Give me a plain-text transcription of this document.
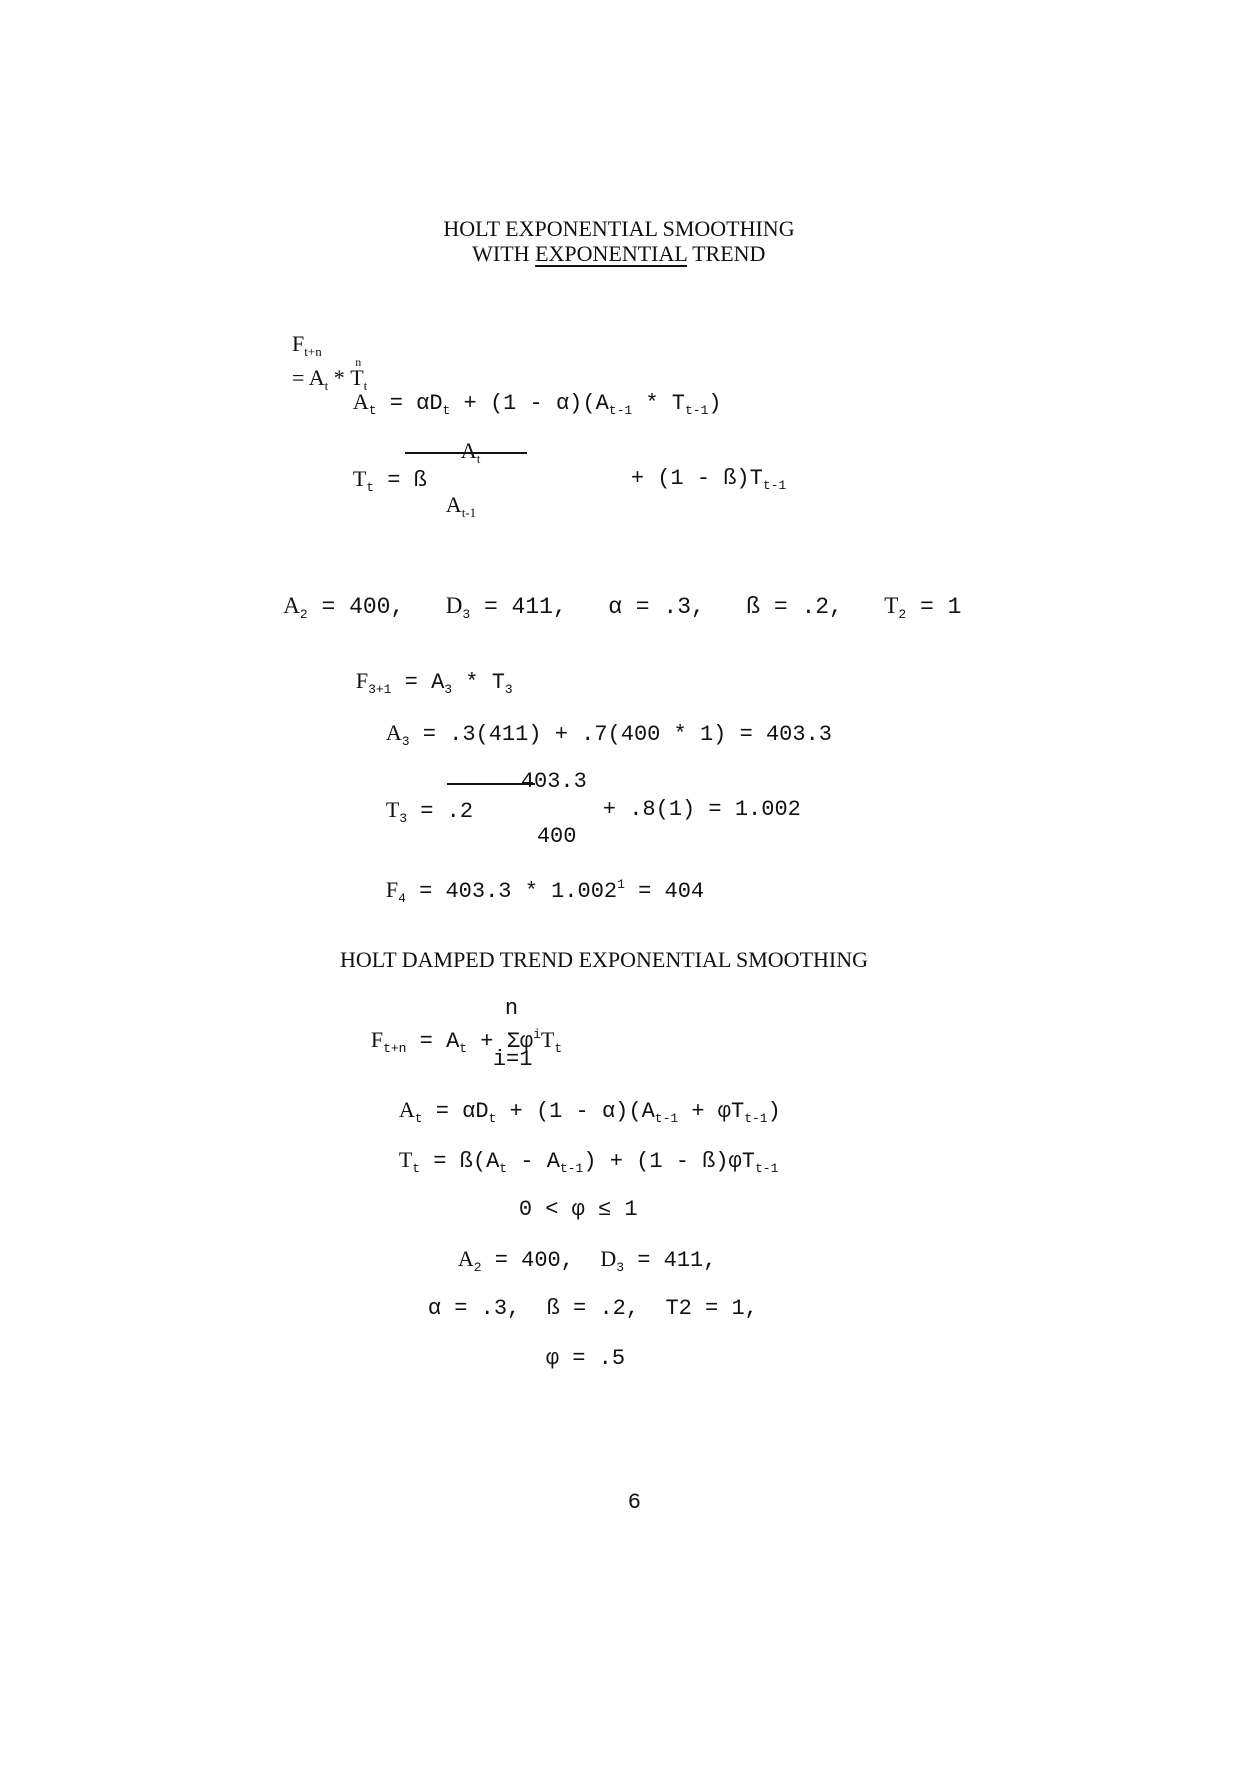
HOLT EXPONENTIAL SMOOTHING

WITH EXPONENTIAL TREND

$F_{t+n}$
= $A_t$ *
n
$T_t$

$A_t = \alpha D_t + (1 - \alpha)(A_{t-1} * T_{t-1})$

$A_t$

$T_t$ = ß
	+ $(1 - ß)T_{t-1}$

$A_{t-1}$

$A_2 = 400$, $D_3 = 411$, α = .3, ß = .2, $T_2 = 1$

$F_{3+1} = A_3 * T_3$

$A_3 = .3(411) + .7(400 * 1) = 403.3$

403.3

$T_3 = .2$
	+ .8(1) = 1.002

400

$F_4 = 403.3 * 1.002^1 = 404$

HOLT DAMPED TREND EXPONENTIAL SMOOTHING

n

$F_{t+n} = A_t + \Sigma\varphi^iT_t$

i=1

$A_t = \alpha D_t + (1 - \alpha)(A_{t-1} + \varphi T_{t-1})$

$T_t$ = $ß(A_t - A_{t-1}) + (1$ - $ß)\varphi T_{t-1}$

0 < φ ≤ 1

$A_2 = 400$, $D_3 = 411$,

α = .3,  ß = .2,  T2 = 1,

φ = .5

6
